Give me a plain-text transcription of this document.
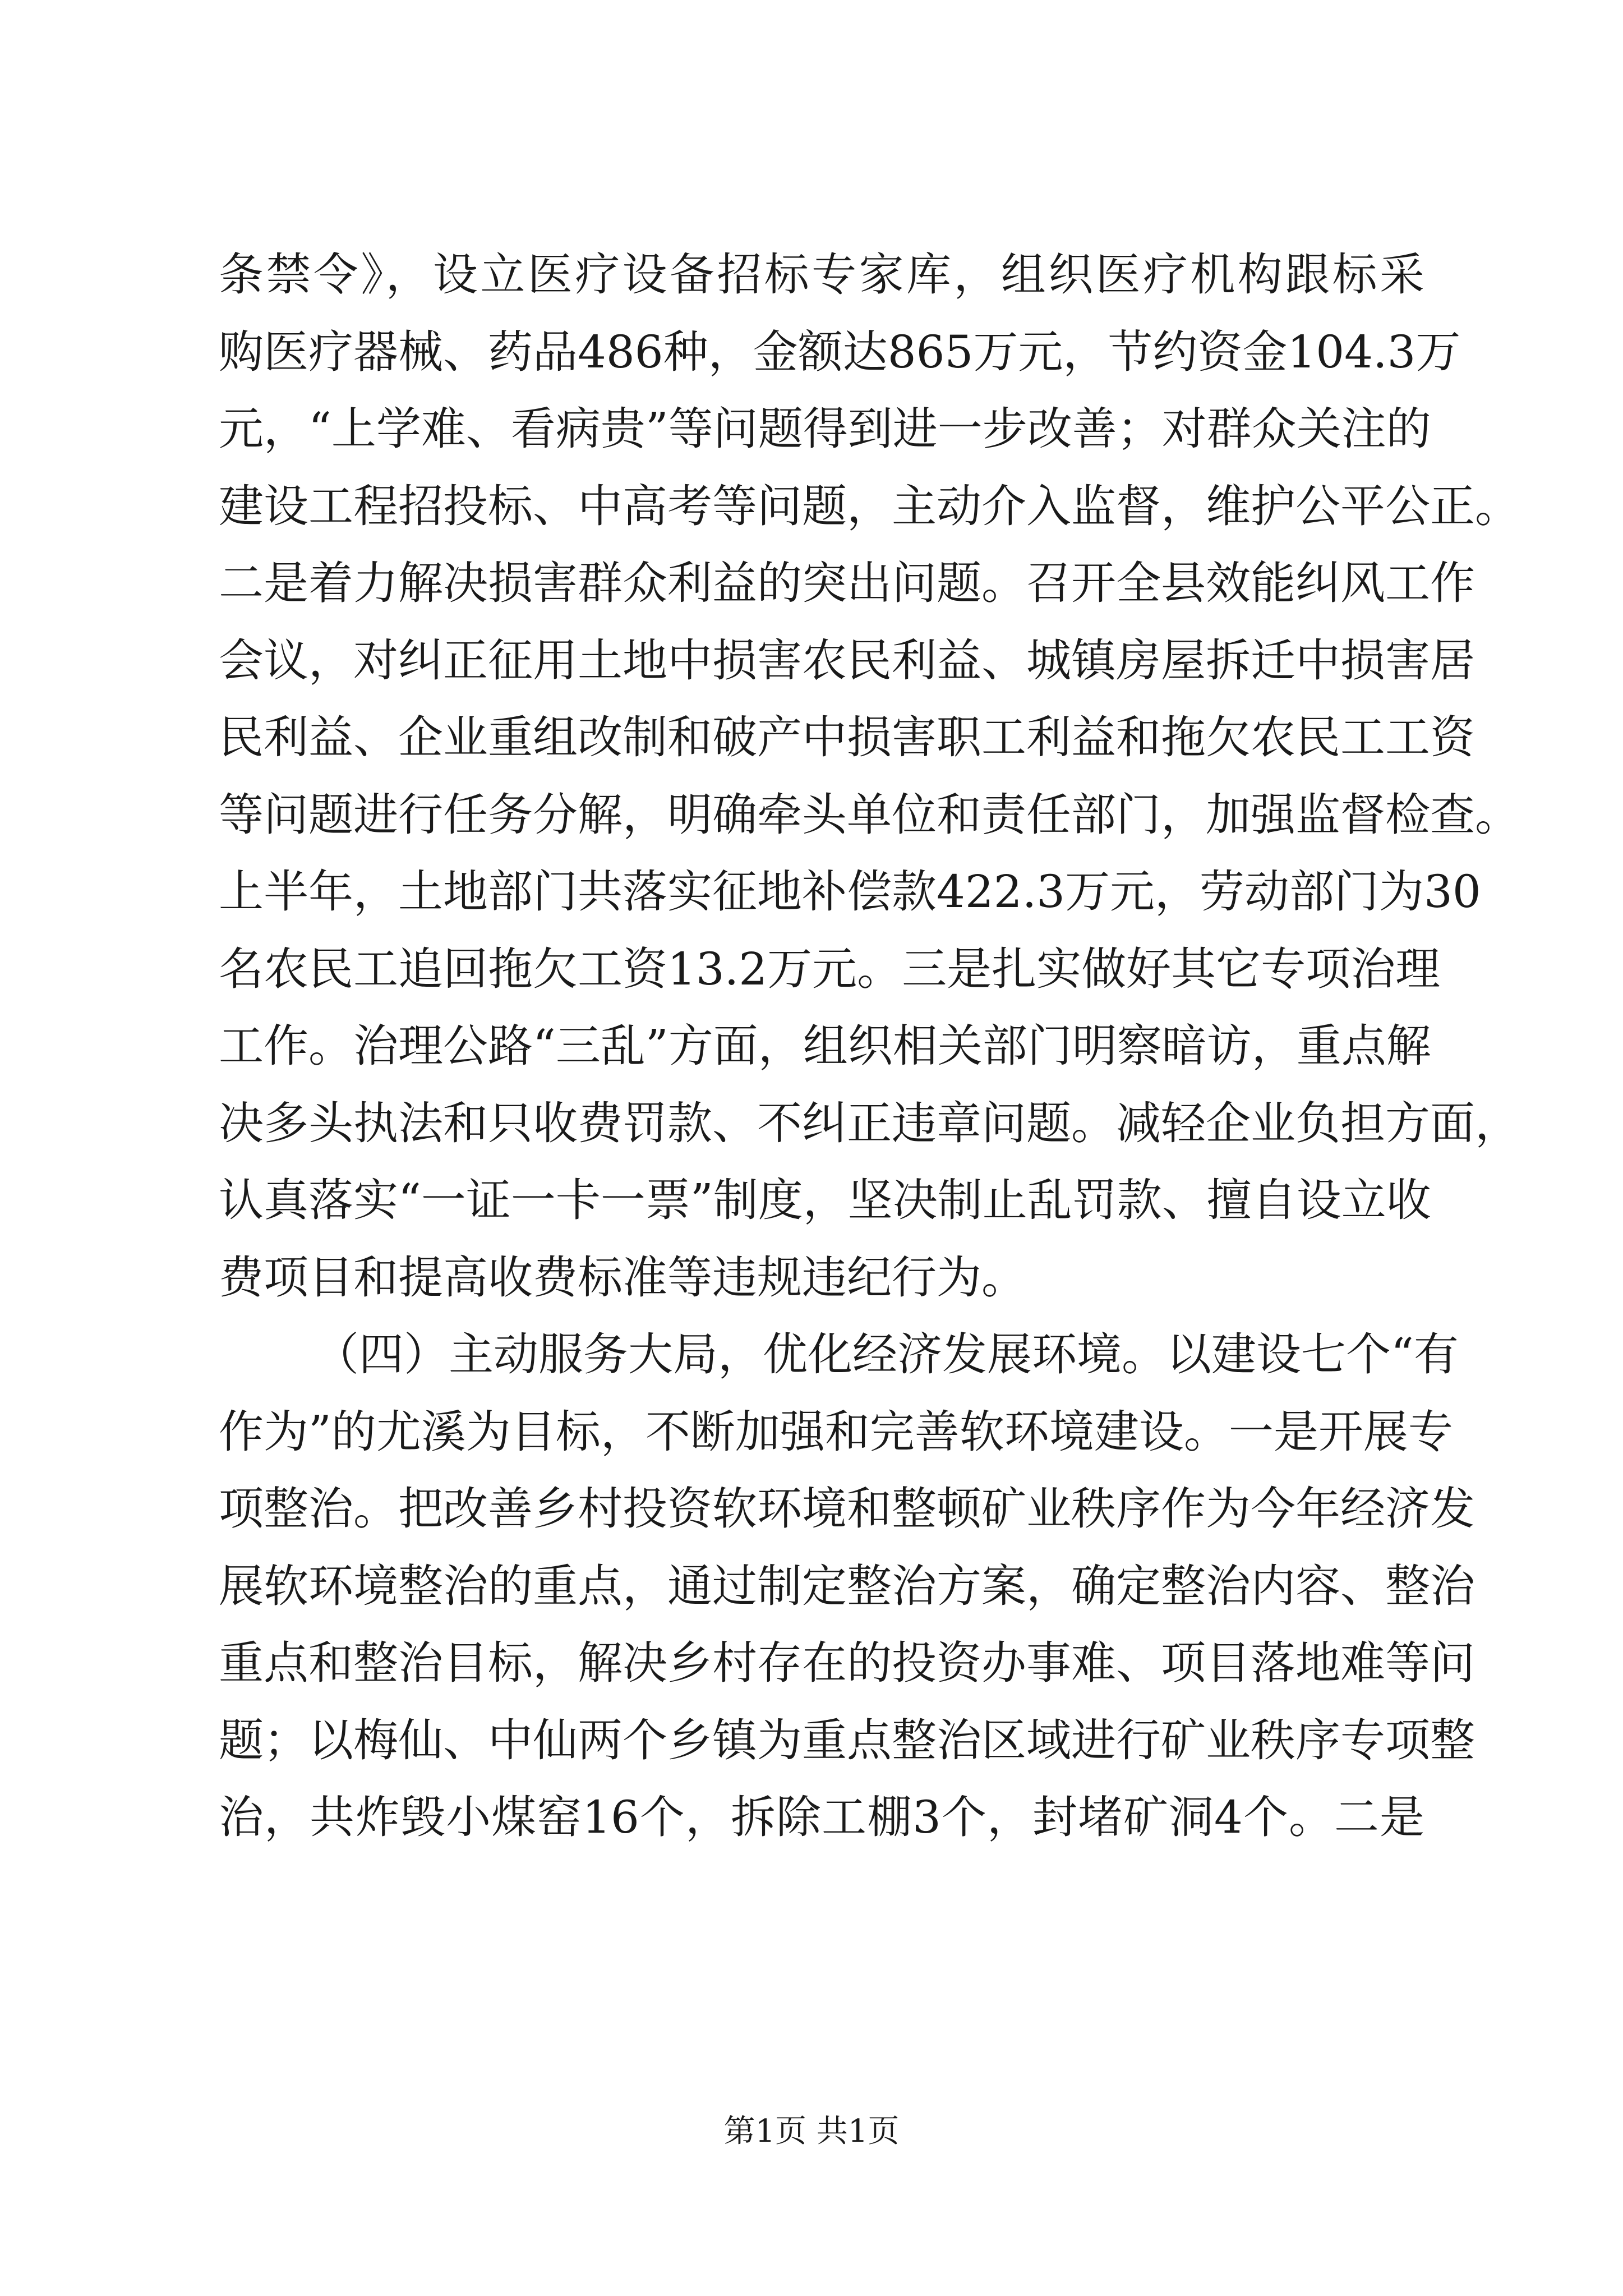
条禁令》，设立医疗设备招标专家库，组织医疗机构跟标采
购医疗器械、药品486种，金额达865万元，节约资金104.3万
元，“上学难、看病贵”等问题得到进一步改善；对群众关注的
建设工程招投标、中高考等问题，主动介入监督，维护公平公正。
二是着力解决损害群众利益的突出问题。召开全县效能纠风工作
会议，对纠正征用土地中损害农民利益、城镇房屋拆迁中损害居
民利益、企业重组改制和破产中损害职工利益和拖欠农民工工资
等问题进行任务分解，明确牵头单位和责任部门，加强监督检查。
上半年，土地部门共落实征地补偿款422.3万元，劳动部门为30
名农民工追回拖欠工资13.2万元。三是扎实做好其它专项治理
工作。治理公路“三乱”方面，组织相关部门明察暗访，重点解
决多头执法和只收费罚款、不纠正违章问题。减轻企业负担方面，
认真落实“一证一卡一票”制度，坚决制止乱罚款、擅自设立收
费项目和提高收费标准等违规违纪行为。
（四）主动服务大局，优化经济发展环境。以建设七个“有
作为”的尤溪为目标，不断加强和完善软环境建设。一是开展专
项整治。把改善乡村投资软环境和整顿矿业秩序作为今年经济发
展软环境整治的重点，通过制定整治方案，确定整治内容、整治
重点和整治目标，解决乡村存在的投资办事难、项目落地难等问
题；以梅仙、中仙两个乡镇为重点整治区域进行矿业秩序专项整
治，共炸毁小煤窑16个，拆除工棚3个，封堵矿洞4个。二是
第1页 共1页
